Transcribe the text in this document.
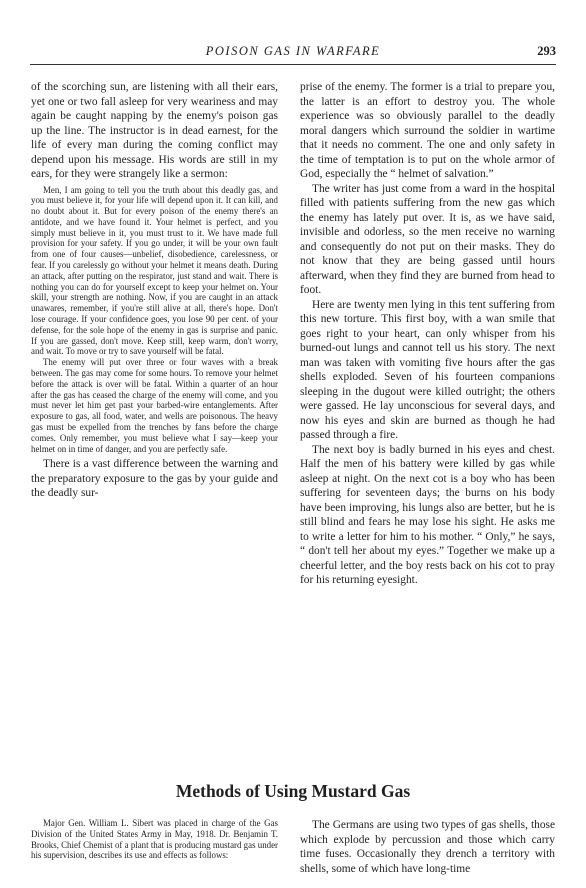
POISON GAS IN WARFARE	293

of the scorching sun, are listening with all their ears, yet one or two fall asleep for very weariness and may again be caught napping by the enemy's poison gas up the line. The instructor is in dead earnest, for the life of every man during the coming conflict may depend upon his message. His words are still in my ears, for they were strangely like a sermon:

Men, I am going to tell you the truth about this deadly gas, and you must believe it, for your life will depend upon it. It can kill, and no doubt about it. But for every poison of the enemy there's an antidote, and we have found it. Your helmet is perfect, and you simply must believe in it, you must trust to it. We have made full provision for your safety. If you go under, it will be your own fault from one of four causes—unbelief, disobedience, carelessness, or fear. If you carelessly go without your helmet it means death. During an attack, after putting on the respirator, just stand and wait. There is nothing you can do for yourself except to keep your helmet on. Your skill, your strength are nothing. Now, if you are caught in an attack unawares, remember, if you're still alive at all, there's hope. Don't lose courage. If your confidence goes, you lose 90 per cent. of your defense, for the sole hope of the enemy in gas is surprise and panic. If you are gassed, don't move. Keep still, keep warm, don't worry, and wait. To move or try to save yourself will be fatal.

The enemy will put over three or four waves with a break between. The gas may come for some hours. To remove your helmet before the attack is over will be fatal. Within a quarter of an hour after the gas has ceased the charge of the enemy will come, and you must never let him get past your barbed-wire entanglements. After exposure to gas, all food, water, and wells are poisonous. The heavy gas must be expelled from the trenches by fans before the charge comes. Only remember, you must believe what I say—keep your helmet on in time of danger, and you are perfectly safe.

There is a vast difference between the warning and the preparatory exposure to the gas by your guide and the deadly sur-

prise of the enemy. The former is a trial to prepare you, the latter is an effort to destroy you. The whole experience was so obviously parallel to the deadly moral dangers which surround the soldier in wartime that it needs no comment. The one and only safety in the time of temptation is to put on the whole armor of God, especially the “ helmet of salvation.”

The writer has just come from a ward in the hospital filled with patients suffering from the new gas which the enemy has lately put over. It is, as we have said, invisible and odorless, so the men receive no warning and consequently do not put on their masks. They do not know that they are being gassed until hours afterward, when they find they are burned from head to foot.

Here are twenty men lying in this tent suffering from this new torture. This first boy, with a wan smile that goes right to your heart, can only whisper from his burned-out lungs and cannot tell us his story. The next man was taken with vomiting five hours after the gas shells exploded. Seven of his fourteen companions sleeping in the dugout were killed outright; the others were gassed. He lay unconscious for several days, and now his eyes and skin are burned as though he had passed through a fire.

The next boy is badly burned in his eyes and chest. Half the men of his battery were killed by gas while asleep at night. On the next cot is a boy who has been suffering for seventeen days; the burns on his body have been improving, his lungs also are better, but he is still blind and fears he may lose his sight. He asks me to write a letter for him to his mother. “ Only,” he says, “ don't tell her about my eyes.” Together we make up a cheerful letter, and the boy rests back on his cot to pray for his returning eyesight.

Methods of Using Mustard Gas

Major Gen. William L. Sibert was placed in charge of the Gas Division of the United States Army in May, 1918. Dr. Benjamin T. Brooks, Chief Chemist of a plant that is producing mustard gas under his supervision, describes its use and effects as follows:

The Germans are using two types of gas shells, those which explode by percussion and those which carry time fuses. Occasionally they drench a territory with shells, some of which have long-time
